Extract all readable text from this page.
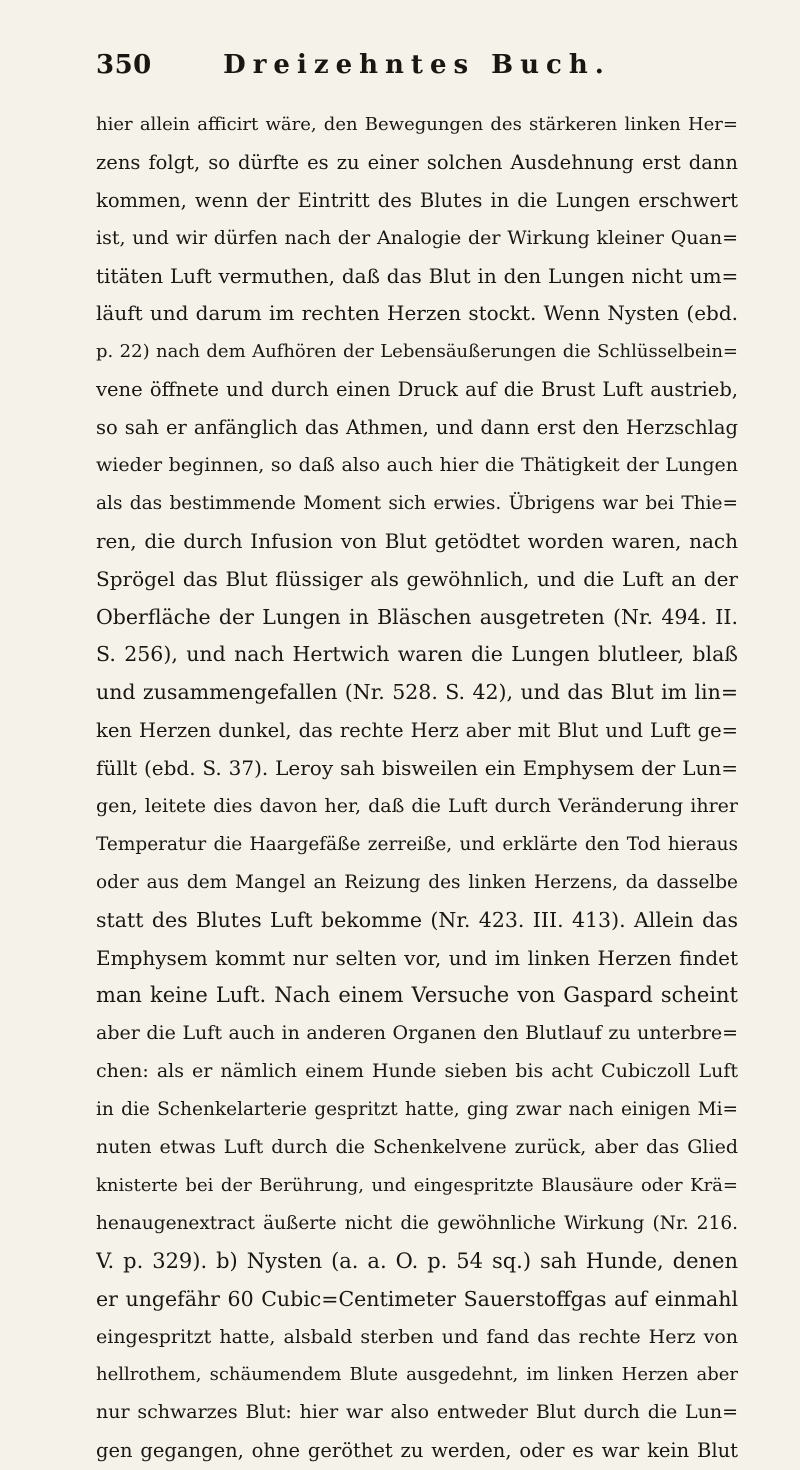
350	Dreizehntes Buch.
hier allein afficirt wäre, den Bewegungen des stärkeren linken Her=
zens folgt, so dürfte es zu einer solchen Ausdehnung erst dann
kommen, wenn der Eintritt des Blutes in die Lungen erschwert
ist, und wir dürfen nach der Analogie der Wirkung kleiner Quan=
titäten Luft vermuthen, daß das Blut in den Lungen nicht um=
läuft und darum im rechten Herzen stockt. Wenn Nysten (ebd.
p. 22) nach dem Aufhören der Lebensäußerungen die Schlüsselbein=
vene öffnete und durch einen Druck auf die Brust Luft austrieb,
so sah er anfänglich das Athmen, und dann erst den Herzschlag
wieder beginnen, so daß also auch hier die Thätigkeit der Lungen
als das bestimmende Moment sich erwies. Übrigens war bei Thie=
ren, die durch Infusion von Blut getödtet worden waren, nach
Sprögel das Blut flüssiger als gewöhnlich, und die Luft an der
Oberfläche der Lungen in Bläschen ausgetreten (Nr. 494. II.
S. 256), und nach Hertwich waren die Lungen blutleer, blaß
und zusammengefallen (Nr. 528. S. 42), und das Blut im lin=
ken Herzen dunkel, das rechte Herz aber mit Blut und Luft ge=
füllt (ebd. S. 37). Leroy sah bisweilen ein Emphysem der Lun=
gen, leitete dies davon her, daß die Luft durch Veränderung ihrer
Temperatur die Haargefäße zerreiße, und erklärte den Tod hieraus
oder aus dem Mangel an Reizung des linken Herzens, da dasselbe
statt des Blutes Luft bekomme (Nr. 423. III. 413). Allein das
Emphysem kommt nur selten vor, und im linken Herzen findet
man keine Luft. Nach einem Versuche von Gaspard scheint
aber die Luft auch in anderen Organen den Blutlauf zu unterbre=
chen: als er nämlich einem Hunde sieben bis acht Cubiczoll Luft
in die Schenkelarterie gespritzt hatte, ging zwar nach einigen Mi=
nuten etwas Luft durch die Schenkelvene zurück, aber das Glied
knisterte bei der Berührung, und eingespritzte Blausäure oder Krä=
henaugenextract äußerte nicht die gewöhnliche Wirkung (Nr. 216.
V. p. 329). b) Nysten (a. a. O. p. 54 sq.) sah Hunde, denen
er ungefähr 60 Cubic=Centimeter Sauerstoffgas auf einmahl
eingespritzt hatte, alsbald sterben und fand das rechte Herz von
hellrothem, schäumendem Blute ausgedehnt, im linken Herzen aber
nur schwarzes Blut: hier war also entweder Blut durch die Lun=
gen gegangen, ohne geröthet zu werden, oder es war kein Blut
